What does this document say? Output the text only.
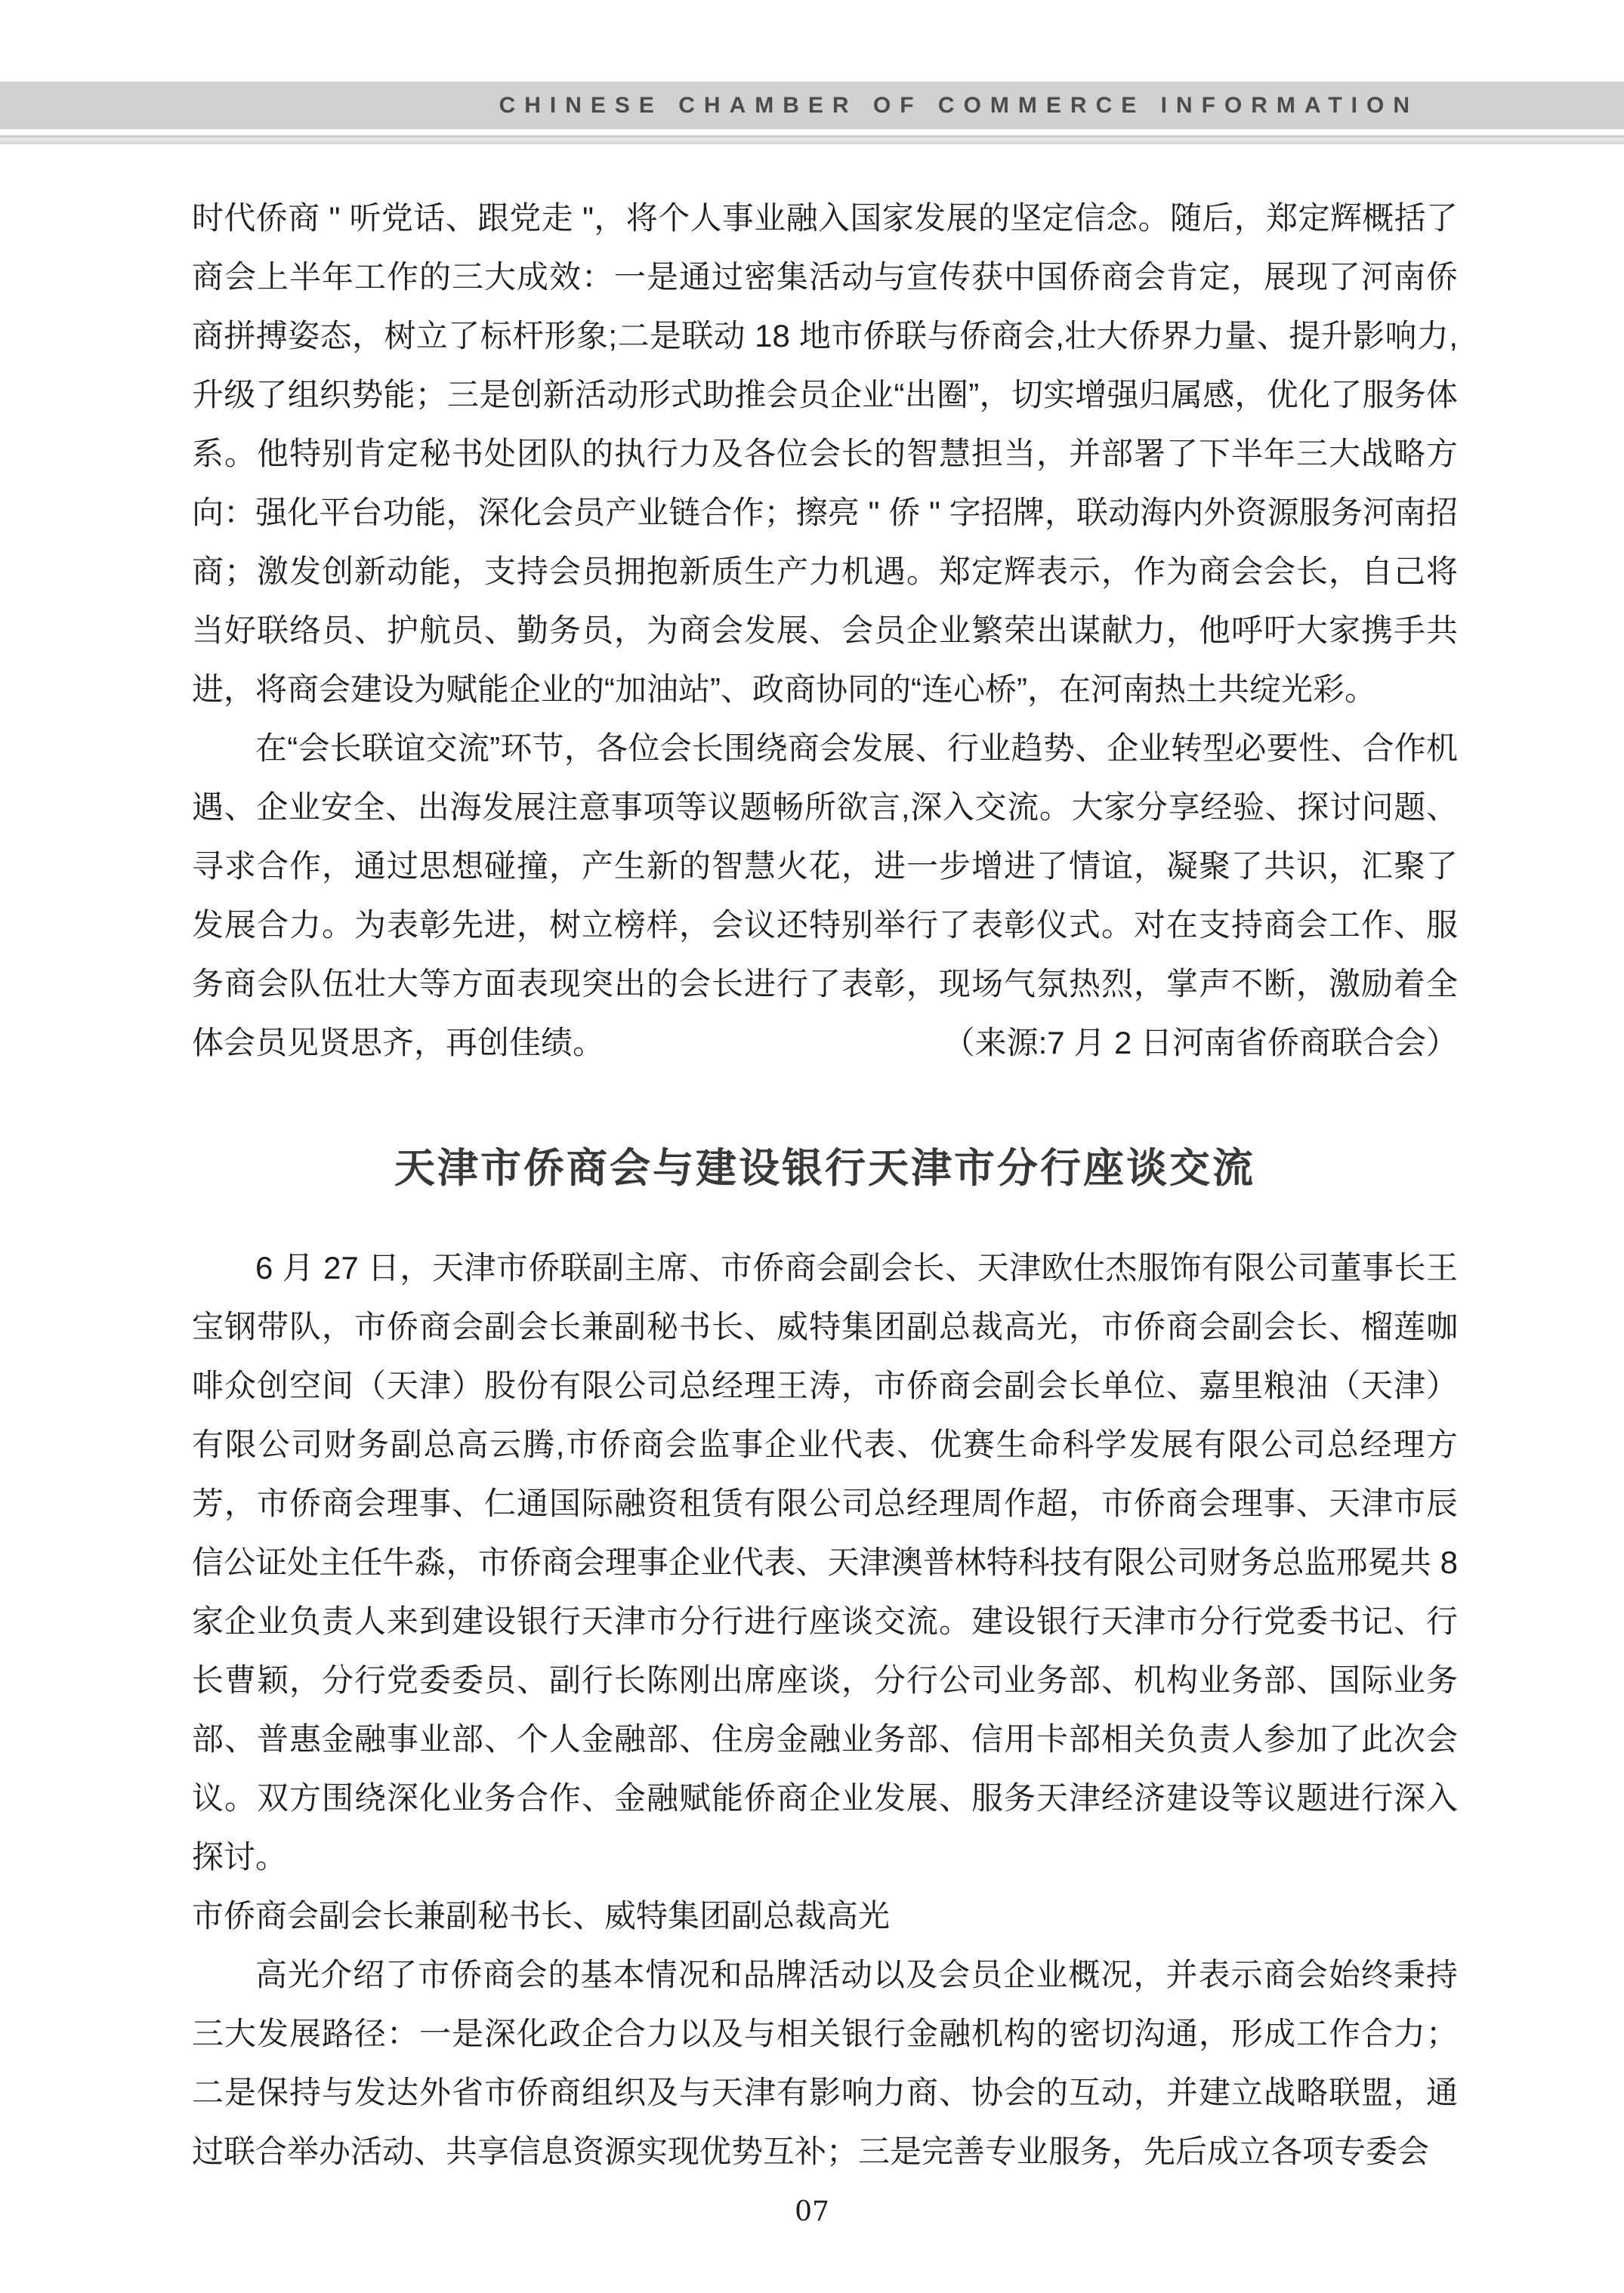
CHINESE CHAMBER OF COMMERCE INFORMATION

时代侨商 " 听党话、跟党走 "，将个人事业融入国家发展的坚定信念。随后，郑定辉概括了商会上半年工作的三大成效：一是通过密集活动与宣传获中国侨商会肯定，展现了河南侨商拼搏姿态，树立了标杆形象;二是联动 18 地市侨联与侨商会,壮大侨界力量、提升影响力,升级了组织势能；三是创新活动形式助推会员企业“出圈”，切实增强归属感，优化了服务体系。他特别肯定秘书处团队的执行力及各位会长的智慧担当，并部署了下半年三大战略方向：强化平台功能，深化会员产业链合作；擦亮 " 侨 " 字招牌，联动海内外资源服务河南招商；激发创新动能，支持会员拥抱新质生产力机遇。郑定辉表示，作为商会会长，自己将当好联络员、护航员、勤务员，为商会发展、会员企业繁荣出谋献力，他呼吁大家携手共进，将商会建设为赋能企业的“加油站”、政商协同的“连心桥”，在河南热土共绽光彩。

在“会长联谊交流”环节，各位会长围绕商会发展、行业趋势、企业转型必要性、合作机遇、企业安全、出海发展注意事项等议题畅所欲言,深入交流。大家分享经验、探讨问题、寻求合作，通过思想碰撞，产生新的智慧火花，进一步增进了情谊，凝聚了共识，汇聚了发展合力。为表彰先进，树立榜样，会议还特别举行了表彰仪式。对在支持商会工作、服务商会队伍壮大等方面表现突出的会长进行了表彰，现场气氛热烈，掌声不断，激励着全体会员见贤思齐，再创佳绩。	（来源:7 月 2 日河南省侨商联合会）
天津市侨商会与建设银行天津市分行座谈交流

6 月 27 日，天津市侨联副主席、市侨商会副会长、天津欧仕杰服饰有限公司董事长王宝钢带队，市侨商会副会长兼副秘书长、威特集团副总裁高光，市侨商会副会长、榴莲咖啡众创空间（天津）股份有限公司总经理王涛，市侨商会副会长单位、嘉里粮油（天津）有限公司财务副总高云腾,市侨商会监事企业代表、优赛生命科学发展有限公司总经理方芳，市侨商会理事、仁通国际融资租赁有限公司总经理周作超，市侨商会理事、天津市辰信公证处主任牛淼，市侨商会理事企业代表、天津澳普林特科技有限公司财务总监邢冕共 8 家企业负责人来到建设银行天津市分行进行座谈交流。建设银行天津市分行党委书记、行长曹颖，分行党委委员、副行长陈刚出席座谈，分行公司业务部、机构业务部、国际业务部、普惠金融事业部、个人金融部、住房金融业务部、信用卡部相关负责人参加了此次会议。双方围绕深化业务合作、金融赋能侨商企业发展、服务天津经济建设等议题进行深入探讨。

市侨商会副会长兼副秘书长、威特集团副总裁高光

高光介绍了市侨商会的基本情况和品牌活动以及会员企业概况，并表示商会始终秉持三大发展路径：一是深化政企合力以及与相关银行金融机构的密切沟通，形成工作合力；二是保持与发达外省市侨商组织及与天津有影响力商、协会的互动，并建立战略联盟，通过联合举办活动、共享信息资源实现优势互补；三是完善专业服务，先后成立各项专委会

07
